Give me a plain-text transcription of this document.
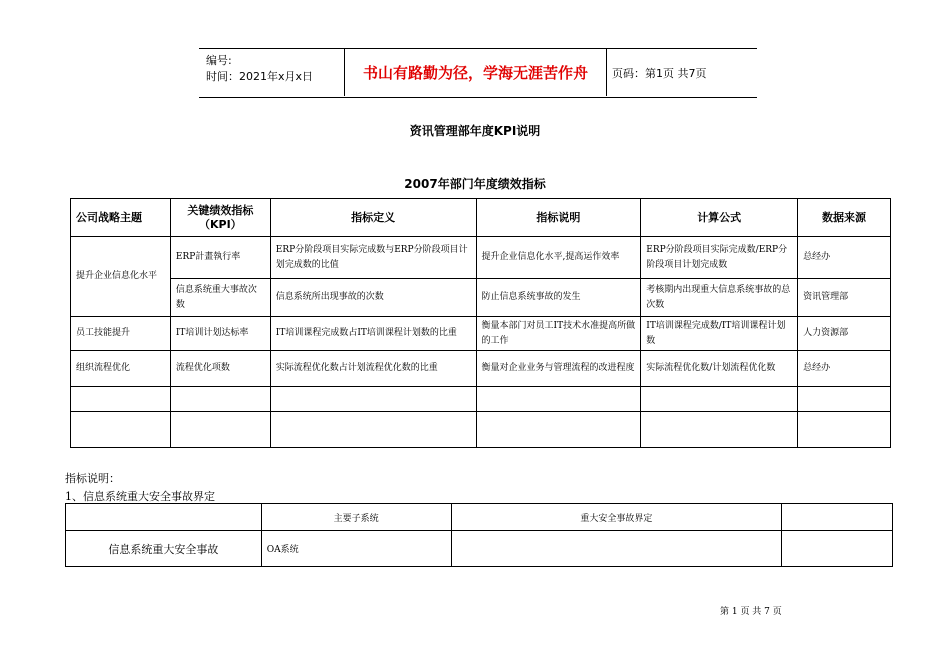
编号:
时间：2021年x月x日	书山有路勤为径，学海无涯苦作舟	页码：第1页 共7页
资讯管理部年度KPI说明
2007年部门年度绩效指标
公司战略主题	关键绩效指标（KPI）	指标定义	指标说明	计算公式	数据来源
提升企业信息化水平	ERP計畫執行率	ERP分阶段项目实际完成数与ERP分阶段项目计划完成数的比值	提升企业信息化水平,提高运作效率	ERP分阶段项目实际完成数/ERP分阶段项目计划完成数	总经办
	信息系统重大事故次数	信息系统所出现事故的次数	防止信息系统事故的发生	考核期内出现重大信息系统事故的总次数	资讯管理部
员工技能提升	IT培训计划达标率	IT培训课程完成数占IT培训课程计划数的比重	衡量本部门对员工IT技术水准提高所做的工作	IT培训课程完成数/IT培训课程计划数	人力资源部
组织流程优化	流程优化项数	实际流程优化数占计划流程优化数的比重	衡量对企业业务与管理流程的改进程度	实际流程优化数/计划流程优化数	总经办

指标说明：
1、信息系统重大安全事故界定
	主要子系统	重大安全事故界定	
信息系统重大安全事故	OA系统		
第 1 页 共 7 页
